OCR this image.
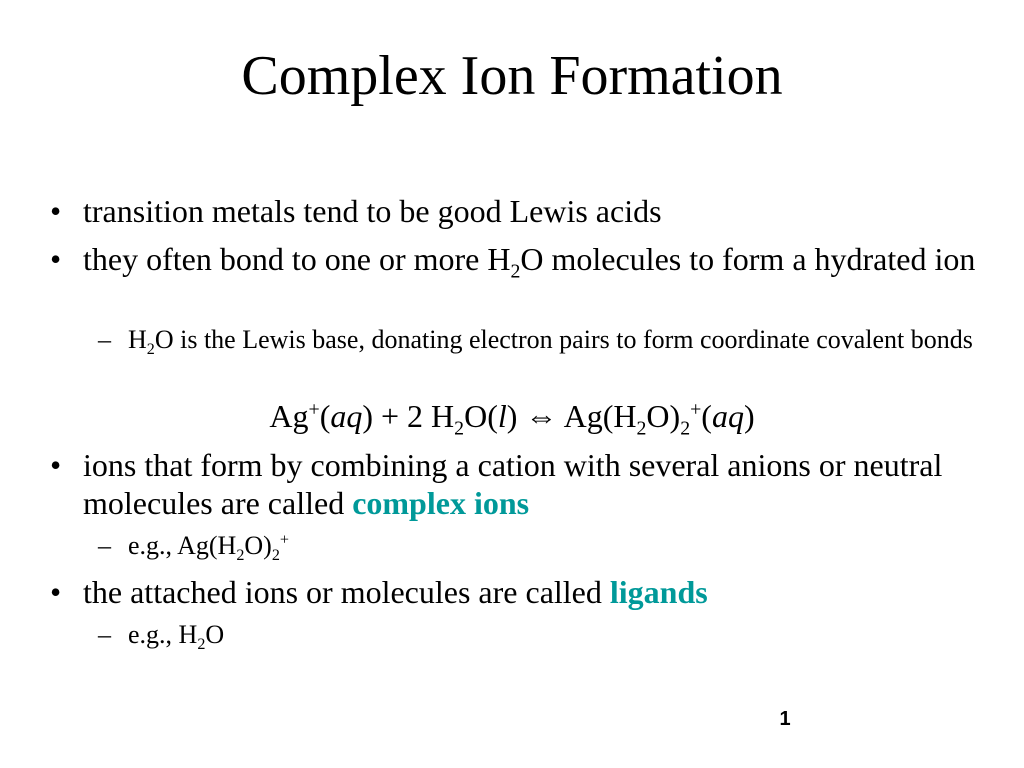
Complex Ion Formation
• transition metals tend to be good Lewis acids
• they often bond to one or more $H_2O$ molecules to form a hydrated ion
– $H_2O$ is the Lewis base, donating electron pairs to form coordinate covalent bonds
Ag+(aq) + 2 $H_2O(l)$ ⇔ $Ag(H_2O)_2^+(aq)$
• ions that form by combining a cation with several anions or neutral molecules are called complex ions
– e.g., $Ag(H_2O)_2^+$
• the attached ions or molecules are called ligands
– e.g., $H_2O$
1
